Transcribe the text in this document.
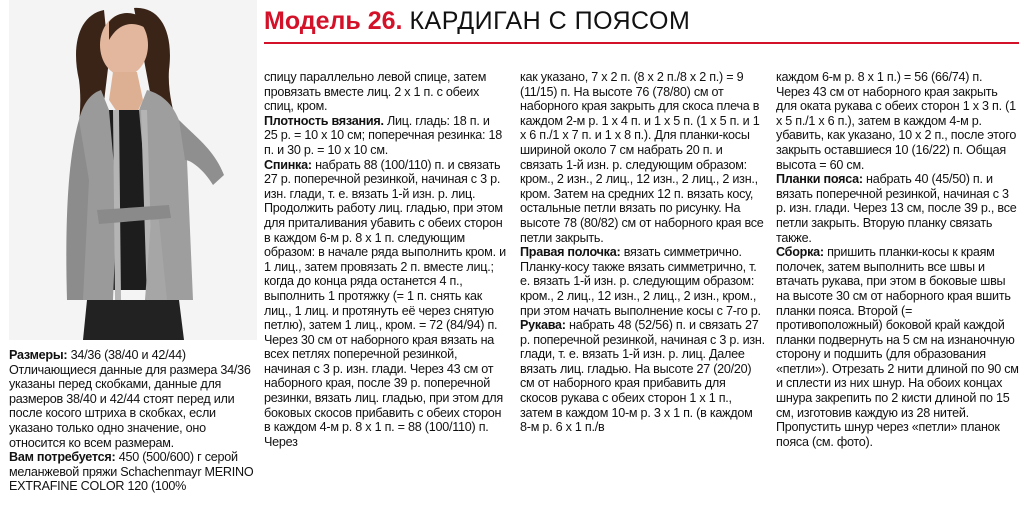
Модель 26. КАРДИГАН С ПОЯСОМ

Размеры: 34/36 (38/40 и 42/44) Отличающиеся данные для размера 34/36 указаны перед скобками, данные для размеров 38/40 и 42/44 стоят перед или после косого штриха в скобках, если указано только одно значение, оно относится ко всем размерам.

Вам потребуется: 450 (500/600) г серой меланжевой пряжи Schachenmayr MERINO EXTRAFINE COLOR 120 (100%

спицу параллельно левой спице, затем провязать вместе лиц. 2 х 1 п. с обеих спиц, кром.

Плотность вязания. Лиц. гладь: 18 п. и 25 р. = 10 х 10 см; поперечная резинка: 18 п. и 30 р. = 10 х 10 см.

Спинка: набрать 88 (100/110) п. и связать 27 р. поперечной резинкой, начиная с 3 р. изн. глади, т. е. вязать 1-й изн. р. лиц. Продолжить работу лиц. гладью, при этом для приталивания убавить с обеих сторон в каждом 6-м р. 8 х 1 п. следующим образом: в начале ряда выполнить кром. и 1 лиц., затем провязать 2 п. вместе лиц.; когда до конца ряда останется 4 п., выполнить 1 протяжку (= 1 п. снять как лиц., 1 лиц. и протянуть её через снятую петлю), затем 1 лиц., кром. = 72 (84/94) п. Через 30 см от наборного края вязать на всех петлях поперечной резинкой, начиная с 3 р. изн. глади. Через 43 см от наборного края, после 39 р. поперечной резинки, вязать лиц. гладью, при этом для боковых скосов прибавить с обеих сторон в каждом 4-м р. 8 х 1 п. = 88 (100/110) п. Через

как указано, 7 х 2 п. (8 х 2 п./8 х 2 п.) = 9 (11/15) п. На высоте 76 (78/80) см от наборного края закрыть для скоса плеча в каждом 2-м р. 1 х 4 п. и 1 х 5 п. (1 х 5 п. и 1 х 6 п./1 х 7 п. и 1 х 8 п.). Для планки-косы шириной около 7 см набрать 20 п. и связать 1-й изн. р. следующим образом: кром., 2 изн., 2 лиц., 12 изн., 2 лиц., 2 изн., кром. Затем на средних 12 п. вязать косу, остальные петли вязать по рисунку. На высоте 78 (80/82) см от наборного края все петли закрыть.

Правая полочка: вязать симметрично. Планку-косу также вязать симметрично, т. е. вязать 1-й изн. р. следующим образом: кром., 2 лиц., 12 изн., 2 лиц., 2 изн., кром., при этом начать выполнение косы с 7-го р.

Рукава: набрать 48 (52/56) п. и связать 27 р. поперечной резинкой, начиная с 3 р. изн. глади, т. е. вязать 1-й изн. р. лиц. Далее вязать лиц. гладью. На высоте 27 (20/20) см от наборного края прибавить для скосов рукава с обеих сторон 1 х 1 п., затем в каждом 10-м р. 3 х 1 п. (в каждом 8-м р. 6 х 1 п./в

каждом 6-м р. 8 х 1 п.) = 56 (66/74) п. Через 43 см от наборного края закрыть для оката рукава с обеих сторон 1 х 3 п. (1 х 5 п./1 х 6 п.), затем в каждом 4-м р. убавить, как указано, 10 х 2 п., после этого закрыть оставшиеся 10 (16/22) п. Общая высота = 60 см.

Планки пояса: набрать 40 (45/50) п. и вязать поперечной резинкой, начиная с 3 р. изн. глади. Через 13 см, после 39 р., все петли закрыть. Вторую планку связать также.

Сборка: пришить планки-косы к краям полочек, затем выполнить все швы и втачать рукава, при этом в боковые швы на высоте 30 см от наборного края вшить планки пояса. Второй (= противоположный) боковой край каждой планки подвернуть на 5 см на изнаночную сторону и подшить (для образования «петли»). Отрезать 2 нити длиной по 90 см и сплести из них шнур. На обоих концах шнура закрепить по 2 кисти длиной по 15 см, изготовив каждую из 28 нитей. Пропустить шнур через «петли» планок пояса (см. фото).
